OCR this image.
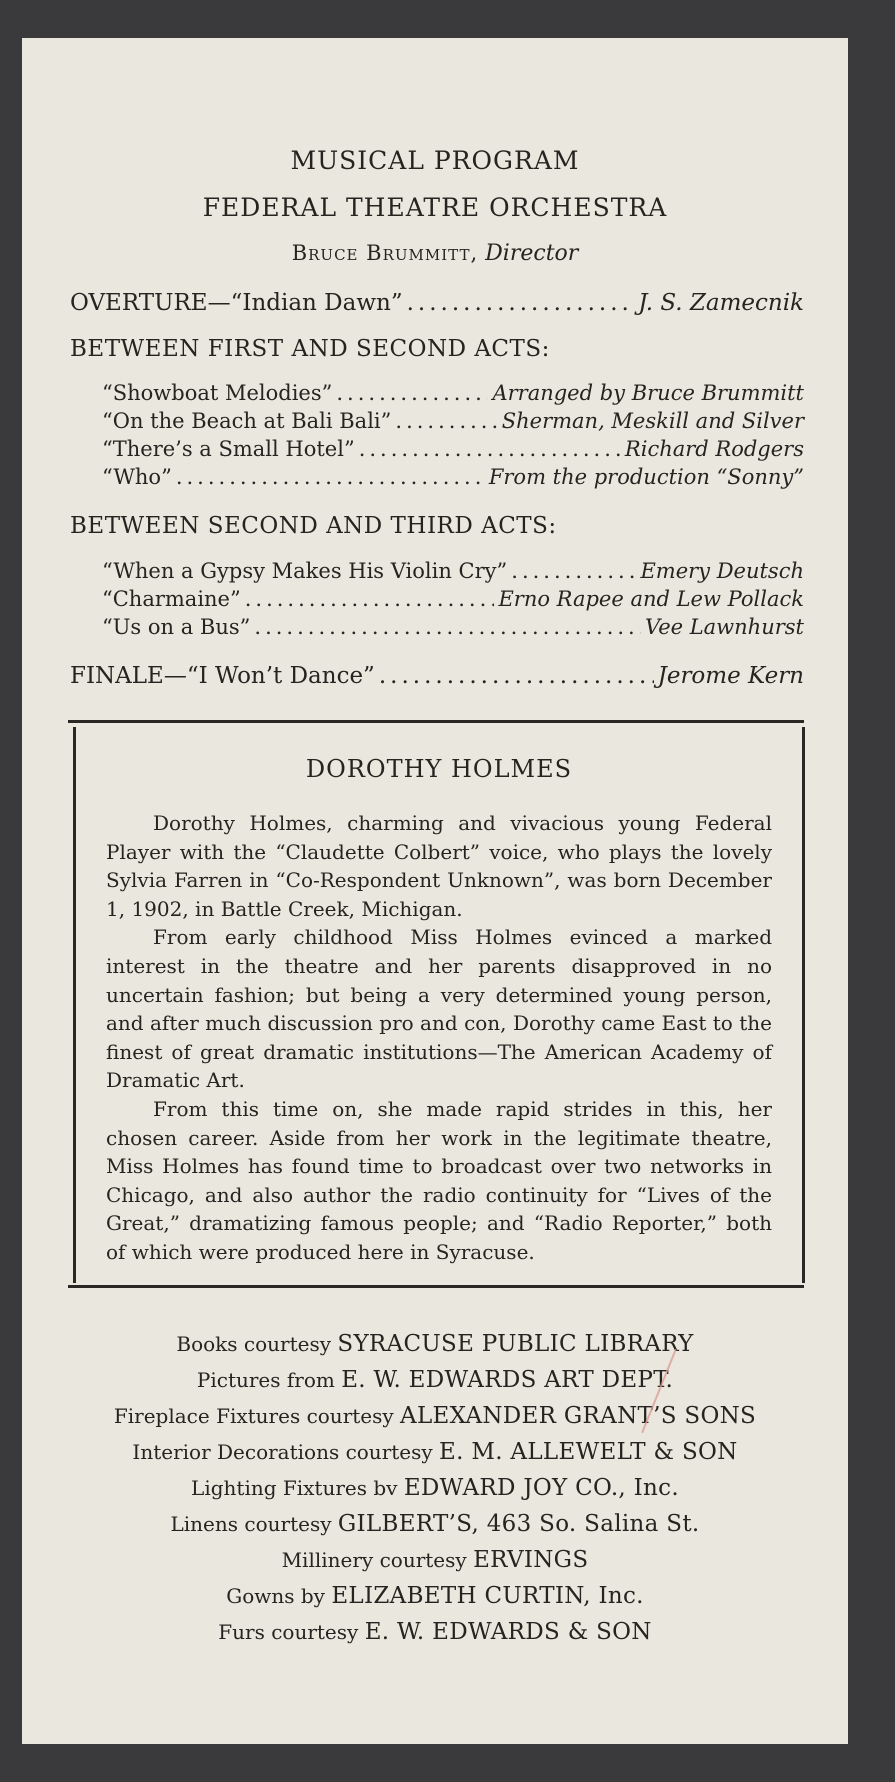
MUSICAL PROGRAM
FEDERAL THEATRE ORCHESTRA
Bruce Brummitt, Director
OVERTURE—“Indian Dawn” .....	J. S. Zamecnik
BETWEEN FIRST AND SECOND ACTS:
“Showboat Melodies” .....	Arranged by Bruce Brummitt
“On the Beach at Bali Bali” .....	Sherman, Meskill and Silver
“There’s a Small Hotel” .....	Richard Rodgers
“Who” .....	From the production “Sonny”
BETWEEN SECOND AND THIRD ACTS:
“When a Gypsy Makes His Violin Cry” .....	Emery Deutsch
“Charmaine” .....	Erno Rapee and Lew Pollack
“Us on a Bus” .....	Vee Lawnhurst
FINALE—“I Won’t Dance” .....	Jerome Kern
DOROTHY HOLMES

Dorothy Holmes, charming and vivacious young Federal Player with the “Claudette Colbert” voice, who plays the lovely Sylvia Farren in “Co-Respondent Unknown”, was born December 1, 1902, in Battle Creek, Michigan.

From early childhood Miss Holmes evinced a marked interest in the theatre and her parents disapproved in no uncertain fashion; but being a very determined young person, and after much discussion pro and con, Dorothy came East to the finest of great dramatic institutions—The American Academy of Dramatic Art.

From this time on, she made rapid strides in this, her chosen career. Aside from her work in the legitimate theatre, Miss Holmes has found time to broadcast over two networks in Chicago, and also author the radio continuity for “Lives of the Great,” dramatizing famous people; and “Radio Reporter,” both of which were produced here in Syracuse.

Books courtesy SYRACUSE PUBLIC LIBRARY
Pictures from E. W. EDWARDS ART DEPT.
Fireplace Fixtures courtesy ALEXANDER GRANT’S SONS
Interior Decorations courtesy E. M. ALLEWELT & SON
Lighting Fixtures bv EDWARD JOY CO., Inc.
Linens courtesy GILBERT’S, 463 So. Salina St.
Millinery courtesy ERVINGS
Gowns by ELIZABETH CURTIN, Inc.
Furs courtesy E. W. EDWARDS & SON
